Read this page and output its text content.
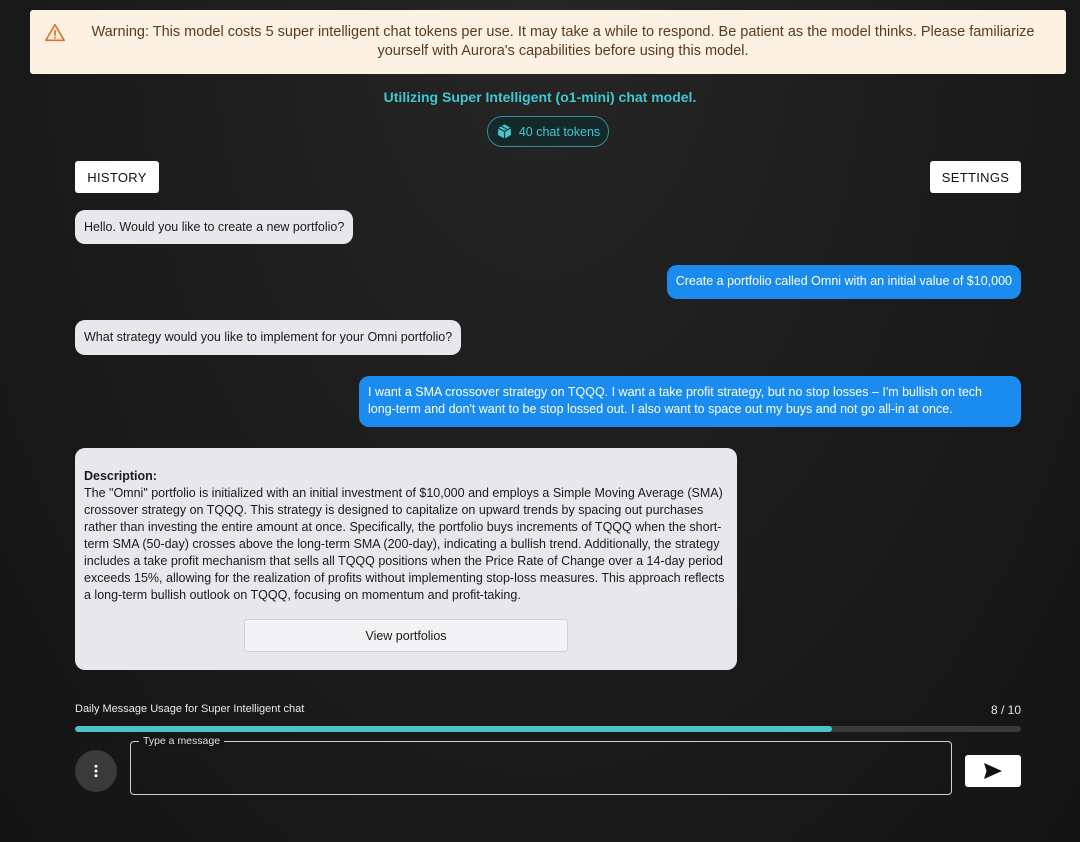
Warning: This model costs 5 super intelligent chat tokens per use. It may take a while to respond. Be patient as the model thinks. Please familiarize yourself with Aurora's capabilities before using this model.
Utilizing Super Intelligent (o1-mini) chat model.
40 chat tokens
HISTORY	SETTINGS
Hello. Would you like to create a new portfolio?
Create a portfolio called Omni with an initial value of $10,000
What strategy would you like to implement for your Omni portfolio?
I want a SMA crossover strategy on TQQQ. I want a take profit strategy, but no stop losses – I'm bullish on tech long-term and don't want to be stop lossed out. I also want to space out my buys and not go all-in at once.
Description:
The "Omni" portfolio is initialized with an initial investment of $10,000 and employs a Simple Moving Average (SMA) crossover strategy on TQQQ. This strategy is designed to capitalize on upward trends by spacing out purchases rather than investing the entire amount at once. Specifically, the portfolio buys increments of TQQQ when the short-term SMA (50-day) crosses above the long-term SMA (200-day), indicating a bullish trend. Additionally, the strategy includes a take profit mechanism that sells all TQQQ positions when the Price Rate of Change over a 14-day period exceeds 15%, allowing for the realization of profits without implementing stop-loss measures. This approach reflects a long-term bullish outlook on TQQQ, focusing on momentum and profit-taking.
View portfolios
Daily Message Usage for Super Intelligent chat	8 / 10
Type a message
